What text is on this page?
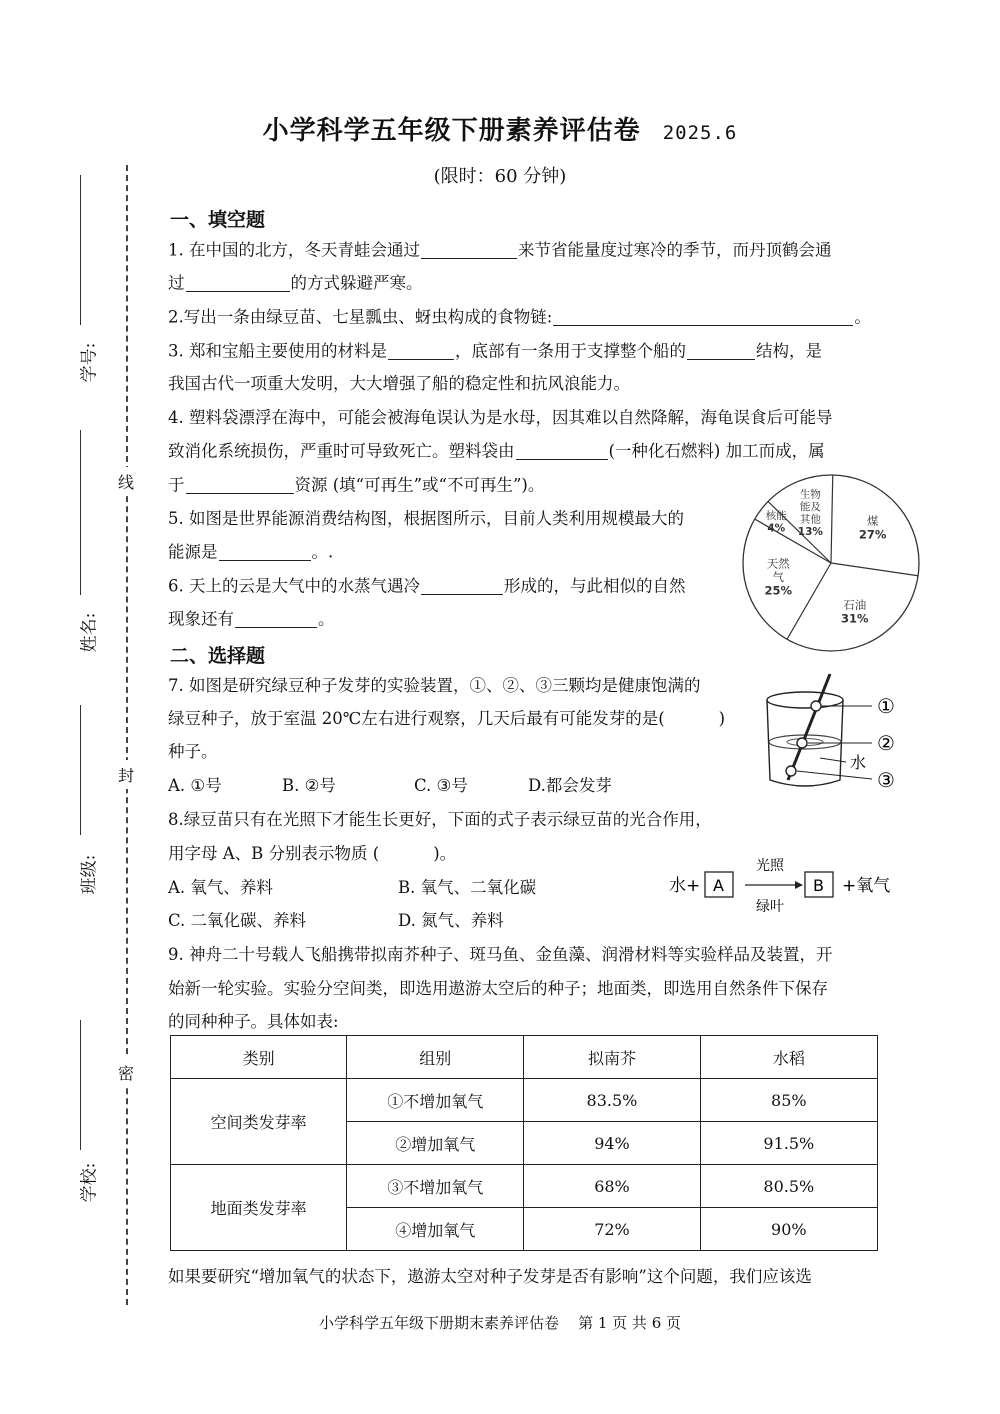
学号:
姓名:
班级:
学校:
线
封
密
小学科学五年级下册素养评估卷 2025.6
(限时：60 分钟)
一、填空题
1. 在中国的北方，冬天青蛙会通过	来节省能量度过寒冷的季节，而丹顶鹤会通
过	的方式躲避严寒。
2.写出一条由绿豆苗、七星瓢虫、蚜虫构成的食物链:	。
3. 郑和宝船主要使用的材料是	，底部有一条用于支撑整个船的	结构，是
我国古代一项重大发明，大大增强了船的稳定性和抗风浪能力。
4. 塑料袋漂浮在海中，可能会被海龟误认为是水母，因其难以自然降解，海龟误食后可能导
致消化系统损伤，严重时可导致死亡。塑料袋由	(一种化石燃料) 加工而成，属
于	资源 (填“可再生”或“不可再生”)。
5. 如图是世界能源消费结构图，根据图所示，目前人类利用规模最大的
能源是	。.
6. 天上的云是大气中的水蒸气遇冷	形成的，与此相似的自然
现象还有	。
煤 27%
石油 31%
天然气 25%
核能 4%
生物能及其他 13%
二、选择题
7. 如图是研究绿豆种子发芽的实验装置，①、②、③三颗均是健康饱满的
绿豆种子，放于室温 20℃左右进行观察，几天后最有可能发芽的是(	)
种子。
A. ①号	B. ②号	C. ③号	D.都会发芽
①
②
水
③
8.绿豆苗只有在光照下才能生长更好，下面的式子表示绿豆苗的光合作用，
用字母 A、B 分别表示物质 (	)。
A. 氧气、养料	B. 氧气、二氧化碳
C. 二氧化碳、养料	D. 氮气、养料
水+ A
光照
绿叶
B +氧气
9. 神舟二十号载人飞船携带拟南芥种子、斑马鱼、金鱼藻、润滑材料等实验样品及装置，开
始新一轮实验。实验分空间类，即选用遨游太空后的种子；地面类，即选用自然条件下保存
的同种种子。具体如表:
类别	组别	拟南芥	水稻
空间类发芽率	①不增加氧气	83.5%	85%
	②增加氧气	94%	91.5%
地面类发芽率	③不增加氧气	68%	80.5%
	④增加氧气	72%	90%
如果要研究“增加氧气的状态下，遨游太空对种子发芽是否有影响”这个问题，我们应该选
小学科学五年级下册期末素养评估卷 第 1 页 共 6 页
